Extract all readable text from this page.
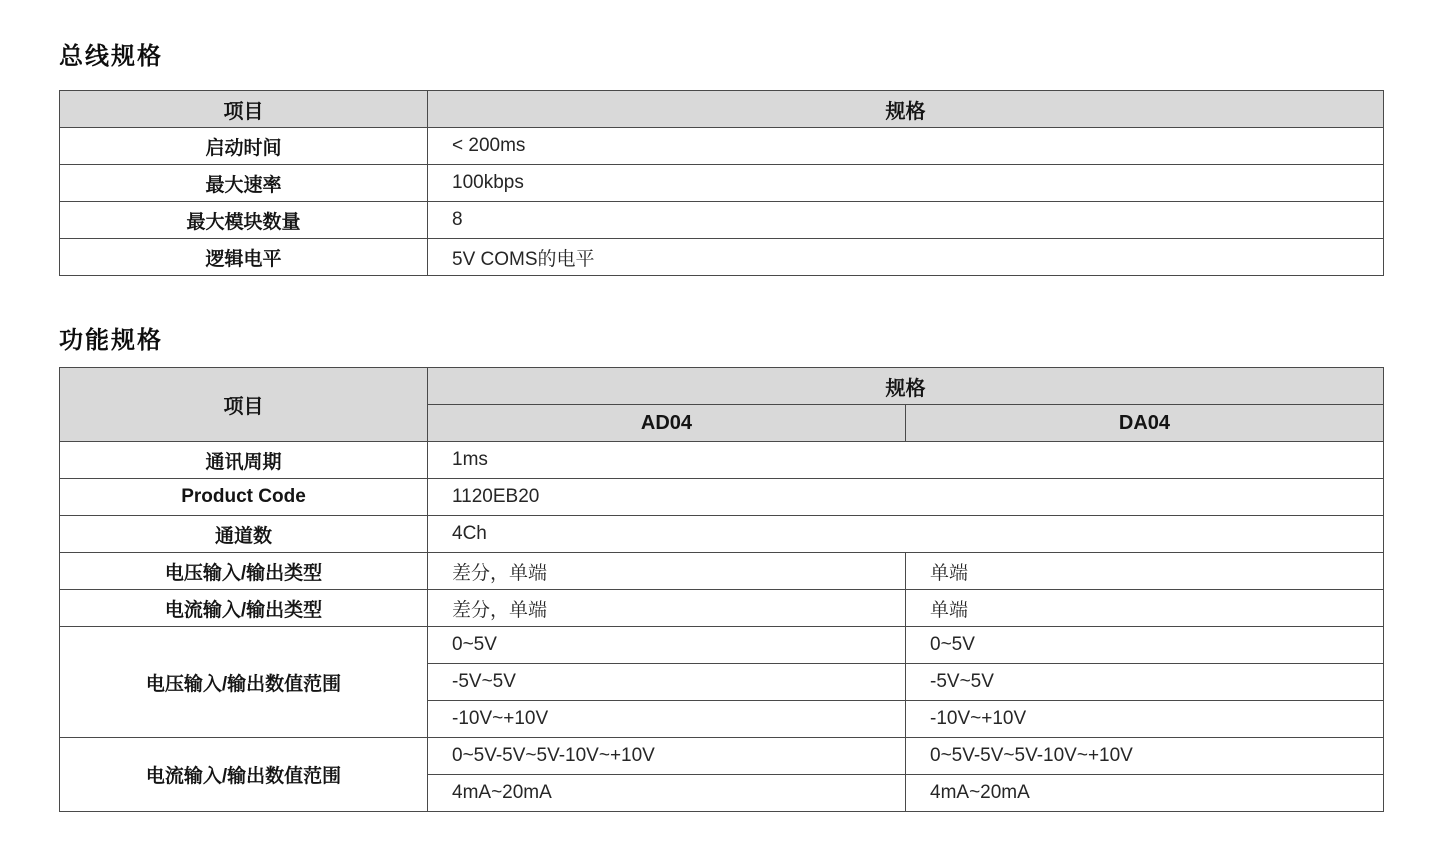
总线规格
项目	规格
启动时间	< 200ms
最大速率	100kbps
最大模块数量	8
逻辑电平	5V COMS的电平
功能规格
项目	规格	
	AD04	DA04
通讯周期	1ms	
Product Code	1120EB20	
通道数	4Ch	
电压输入/输出类型	差分，单端	单端
电流输入/输出类型	差分，单端	单端
电压输入/输出数值范围	0~5V	0~5V
	-5V~5V	-5V~5V
	-10V~+10V	-10V~+10V
电流输入/输出数值范围	0~5V-5V~5V-10V~+10V	0~5V-5V~5V-10V~+10V
	4mA~20mA	4mA~20mA
